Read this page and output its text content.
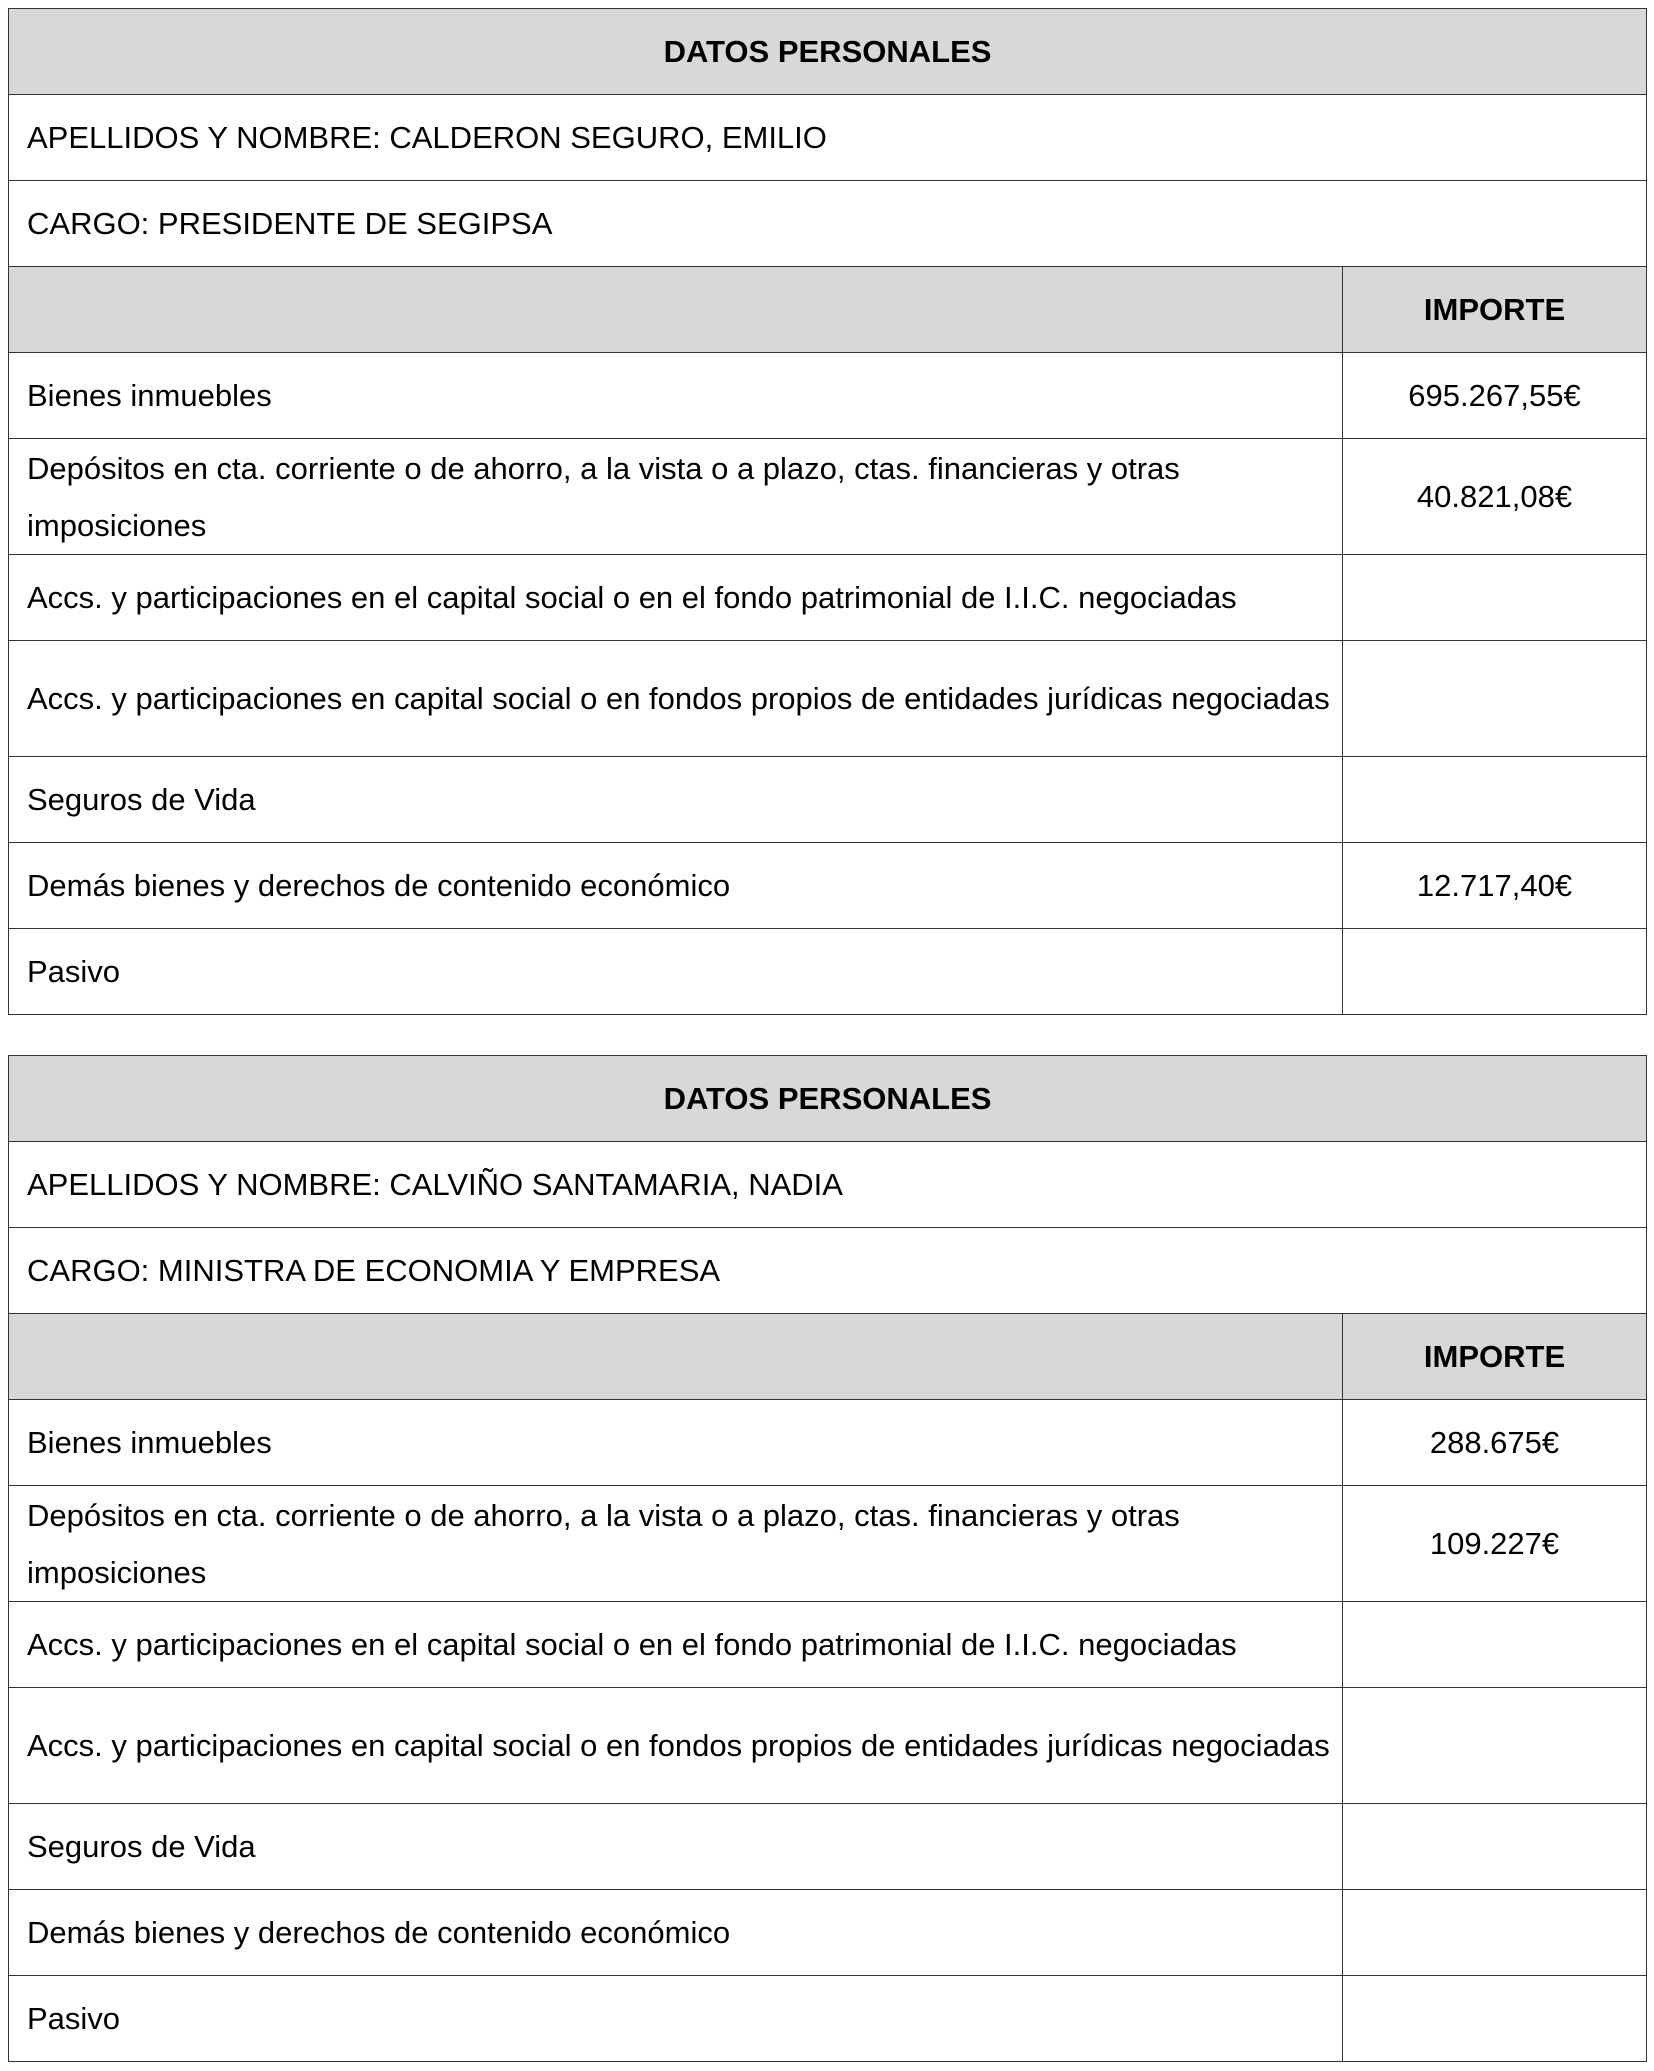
DATOS PERSONALES	
APELLIDOS Y NOMBRE: CALDERON SEGURO, EMILIO	
CARGO: PRESIDENTE DE SEGIPSA	
	IMPORTE
Bienes inmuebles	695.267,55€
Depósitos en cta. corriente o de ahorro, a la vista o a plazo, ctas. financieras y otras imposiciones	40.821,08€
Accs. y participaciones en el capital social o en el fondo patrimonial de I.I.C. negociadas	
Accs. y participaciones en capital social o en fondos propios de entidades jurídicas negociadas	
Seguros de Vida	
Demás bienes y derechos de contenido económico	12.717,40€
Pasivo	
DATOS PERSONALES	
APELLIDOS Y NOMBRE: CALVIÑO SANTAMARIA, NADIA	
CARGO: MINISTRA DE ECONOMIA Y EMPRESA	
	IMPORTE
Bienes inmuebles	288.675€
Depósitos en cta. corriente o de ahorro, a la vista o a plazo, ctas. financieras y otras imposiciones	109.227€
Accs. y participaciones en el capital social o en el fondo patrimonial de I.I.C. negociadas	
Accs. y participaciones en capital social o en fondos propios de entidades jurídicas negociadas	
Seguros de Vida	
Demás bienes y derechos de contenido económico	
Pasivo	
